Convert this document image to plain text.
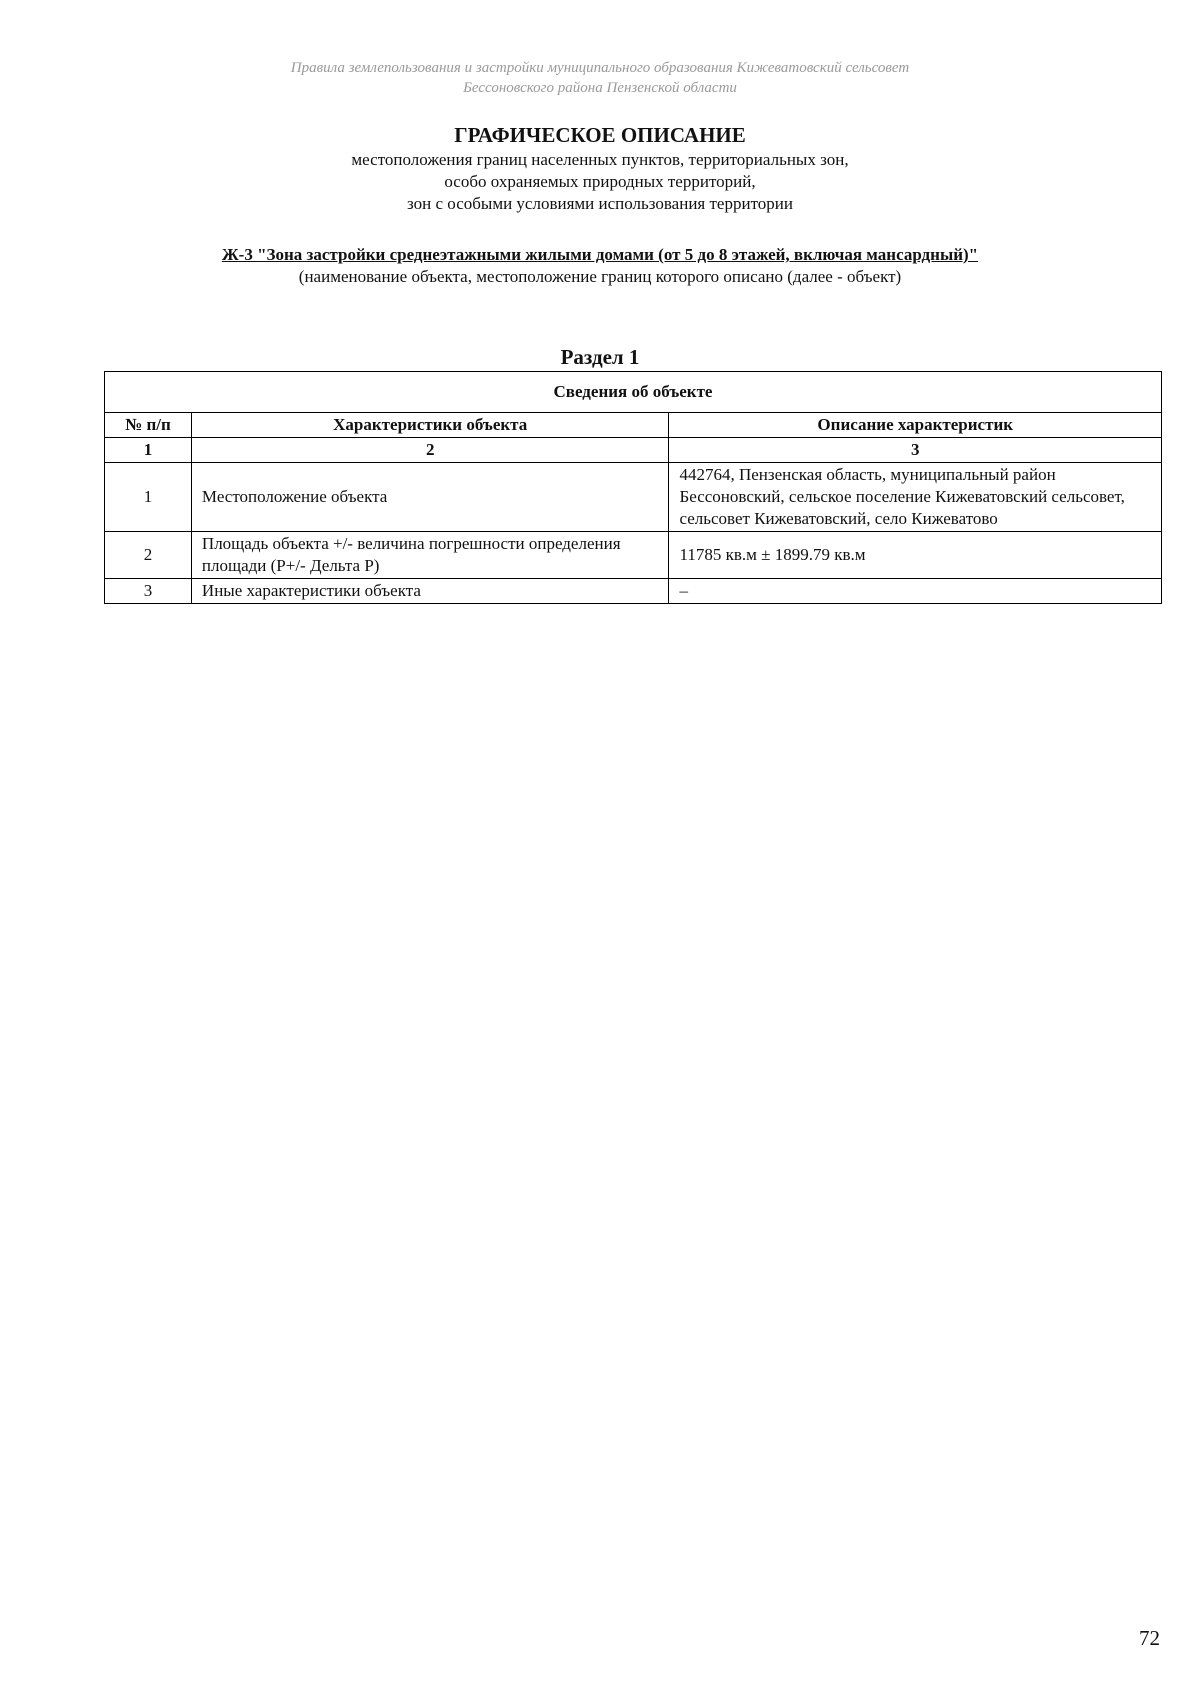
Правила землепользования и застройки муниципального образования Кижеватовский сельсовет
Бессоновского района Пензенской области
ГРАФИЧЕСКОЕ ОПИСАНИЕ
местоположения границ населенных пунктов, территориальных зон,
особо охраняемых природных территорий,
зон с особыми условиями использования территории
Ж-3 "Зона застройки среднеэтажными жилыми домами (от 5 до 8 этажей, включая мансардный)"
(наименование объекта, местоположение границ которого описано (далее - объект)
Раздел 1
Сведения об объекте		
№ п/п	Характеристики объекта	Описание характеристик
1	2	3
1	Местоположение объекта	442764, Пензенская область, муниципальный район Бессоновский, сельское поселение Кижеватовский сельсовет, сельсовет Кижеватовский, село Кижеватово
2	Площадь объекта +/- величина погрешности определения площади (Р+/- Дельта Р)	11785 кв.м ± 1899.79 кв.м
3	Иные характеристики объекта	–
72
